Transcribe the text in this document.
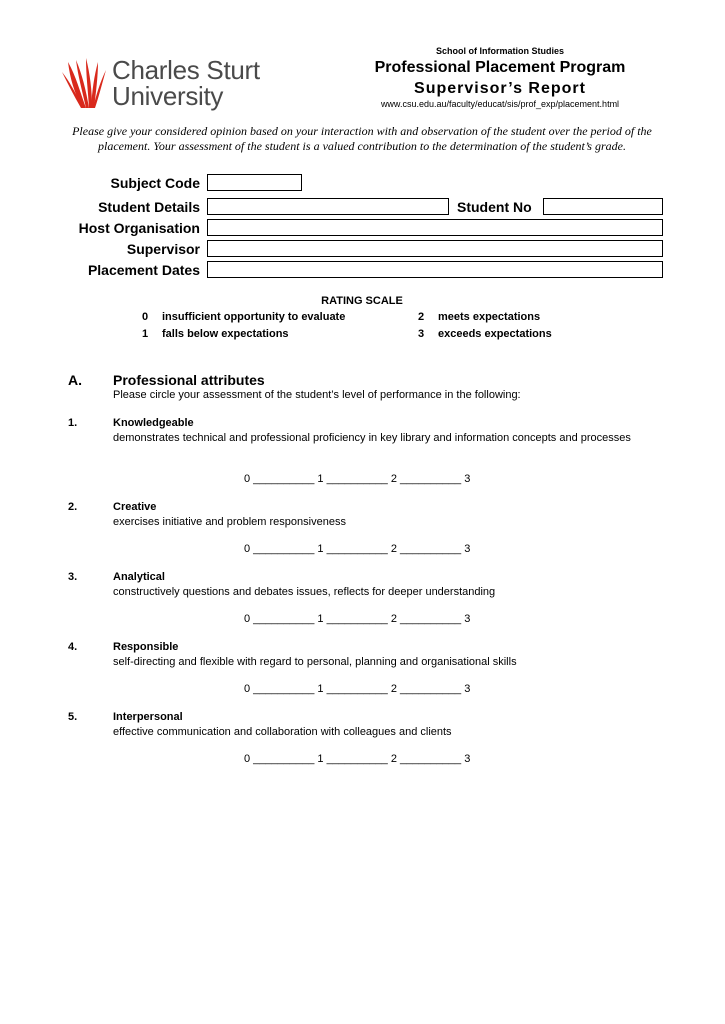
Charles Sturt
University
School of Information Studies
Professional Placement Program
Supervisor’s Report
www.csu.edu.au/faculty/educat/sis/prof_exp/placement.html
Please give your considered opinion based on your interaction with and observation of the student over the period of the placement. Your assessment of the student is a valued contribution to the determination of the student’s grade.
Subject Code
Student Details	Student No
Host Organisation
Supervisor
Placement Dates
RATING SCALE
0 insufficient opportunity to evaluate
1 falls below expectations
2 meets expectations
3 exceeds expectations
A. Professional attributes
Please circle your assessment of the student’s level of performance in the following:
1.	Knowledgeable
demonstrates technical and professional proficiency in key library and information concepts and processes
0 __________ 1 __________ 2 __________ 3
2.	Creative
exercises initiative and problem responsiveness
0 __________ 1 __________ 2 __________ 3
3.	Analytical
constructively questions and debates issues, reflects for deeper understanding
0 __________ 1 __________ 2 __________ 3
4.	Responsible
self-directing and flexible with regard to personal, planning and organisational skills
0 __________ 1 __________ 2 __________ 3
5.	Interpersonal
effective communication and collaboration with colleagues and clients
0 __________ 1 __________ 2 __________ 3
